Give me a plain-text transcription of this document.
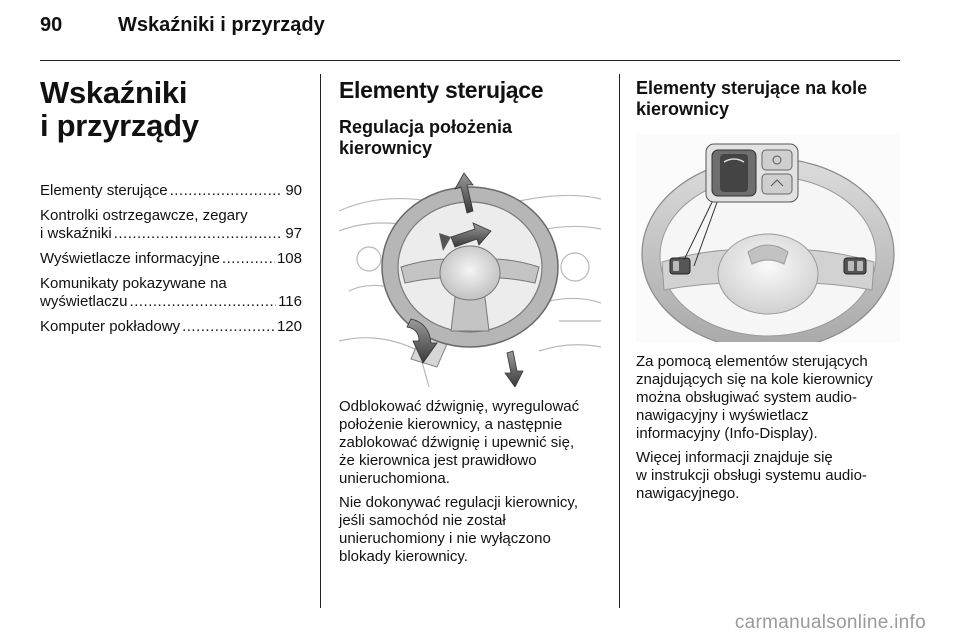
90	Wskaźniki i przyrządy
Wskaźniki
i przyrządy
Elementy sterujące .....	90
Kontrolki ostrzegawcze, zegary
i wskaźniki .....	97
Wyświetlacze informacyjne .....	108
Komunikaty pokazywane na
wyświetlaczu .....	116
Komputer pokładowy .....	120
Elementy sterujące
Regulacja położenia
kierownicy

Odblokować dźwignię, wyregulować
położenie kierownicy, a następnie
zablokować dźwignię i upewnić się,
że kierownica jest prawidłowo
unieruchomiona.

Nie dokonywać regulacji kierownicy,
jeśli samochód nie został
unieruchomiony i nie wyłączono
blokady kierownicy.

Elementy sterujące na kole
kierownicy

Za pomocą elementów sterujących
znajdujących się na kole kierownicy
można obsługiwać system audio-
nawigacyjny i wyświetlacz
informacyjny (Info-Display).

Więcej informacji znajduje się
w instrukcji obsługi systemu audio-
nawigacyjnego.

carmanualsonline.info
